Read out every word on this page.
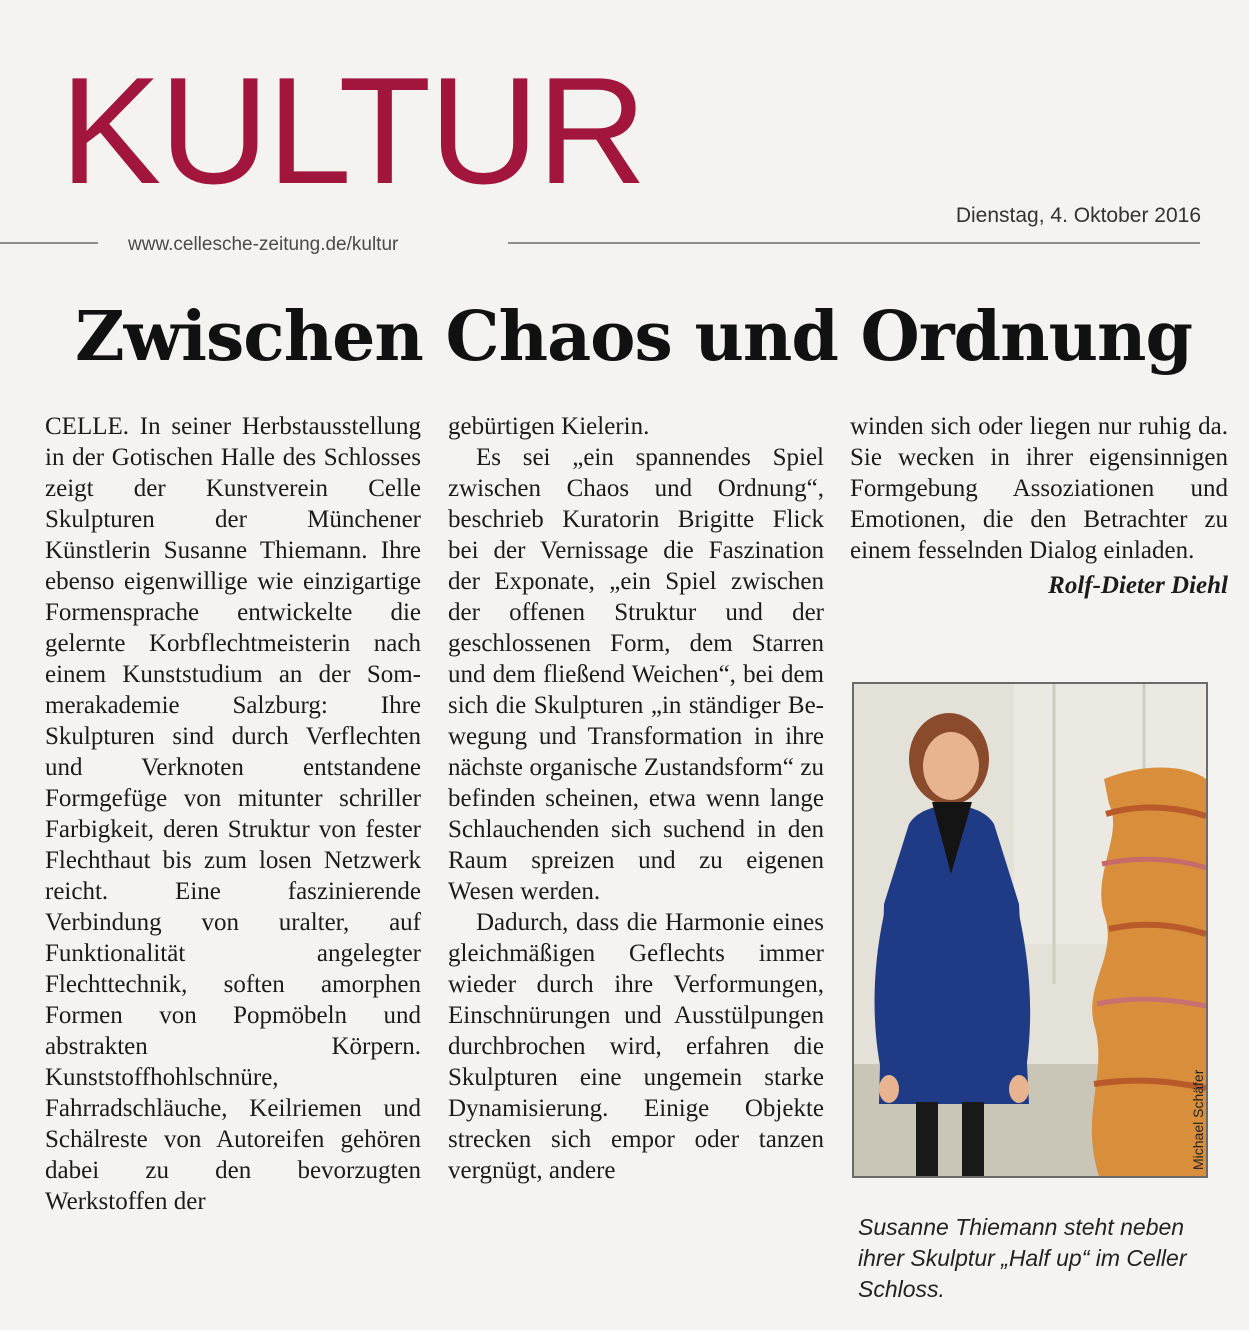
KULTUR
www.cellesche-zeitung.de/kultur
Dienstag, 4. Oktober 2016
Zwischen Chaos und Ordnung

CELLE. In seiner Herbstausstellung in der Gotischen Halle des Schlosses zeigt der Kunstverein Celle Skulpturen der Münchener Künstlerin Susanne Thiemann. Ihre ebenso eigenwillige wie einzigartige Formensprache entwickelte die gelernte Korbflechtmeisterin nach einem Kunststudium an der Sommerakademie Salzburg: Ihre Skulpturen sind durch Verflechten und Verknoten entstandene Formgefüge von mitunter schriller Farbigkeit, deren Struktur von fester Flechthaut bis zum losen Netzwerk reicht. Eine faszinierende Verbindung von uralter, auf Funktionalität angelegter Flechttechnik, soften amorphen Formen von Popmöbeln und abstrakten Körpern. Kunststoffhohlschnüre, Fahrradschläuche, Keilriemen und Schälreste von Autoreifen gehören dabei zu den bevorzugten Werkstoffen der

gebürtigen Kielerin.

Es sei „ein spannendes Spiel zwischen Chaos und Ordnung“, beschrieb Kuratorin Brigitte Flick bei der Vernissage die Faszination der Exponate, „ein Spiel zwischen der offenen Struktur und der geschlossenen Form, dem Starren und dem fließend Weichen“, bei dem sich die Skulpturen „in ständiger Bewegung und Transformation in ihre nächste organische Zustandsform“ zu befinden scheinen, etwa wenn lange Schlauchenden sich suchend in den Raum spreizen und zu eigenen Wesen werden.

Dadurch, dass die Harmonie eines gleichmäßigen Geflechts immer wieder durch ihre Verformungen, Einschnürungen und Ausstülpungen durchbrochen wird, erfahren die Skulpturen eine ungemein starke Dynamisierung. Einige Objekte strecken sich empor oder tanzen vergnügt, andere

winden sich oder liegen nur ruhig da. Sie wecken in ihrer eigensinnigen Formgebung Assoziationen und Emotionen, die den Betrachter zu einem fesselnden Dialog einladen.

Rolf-Dieter Diehl

Michael Schäfer

Susanne Thiemann steht neben ihrer Skulptur „Half up“ im Celler Schloss.
